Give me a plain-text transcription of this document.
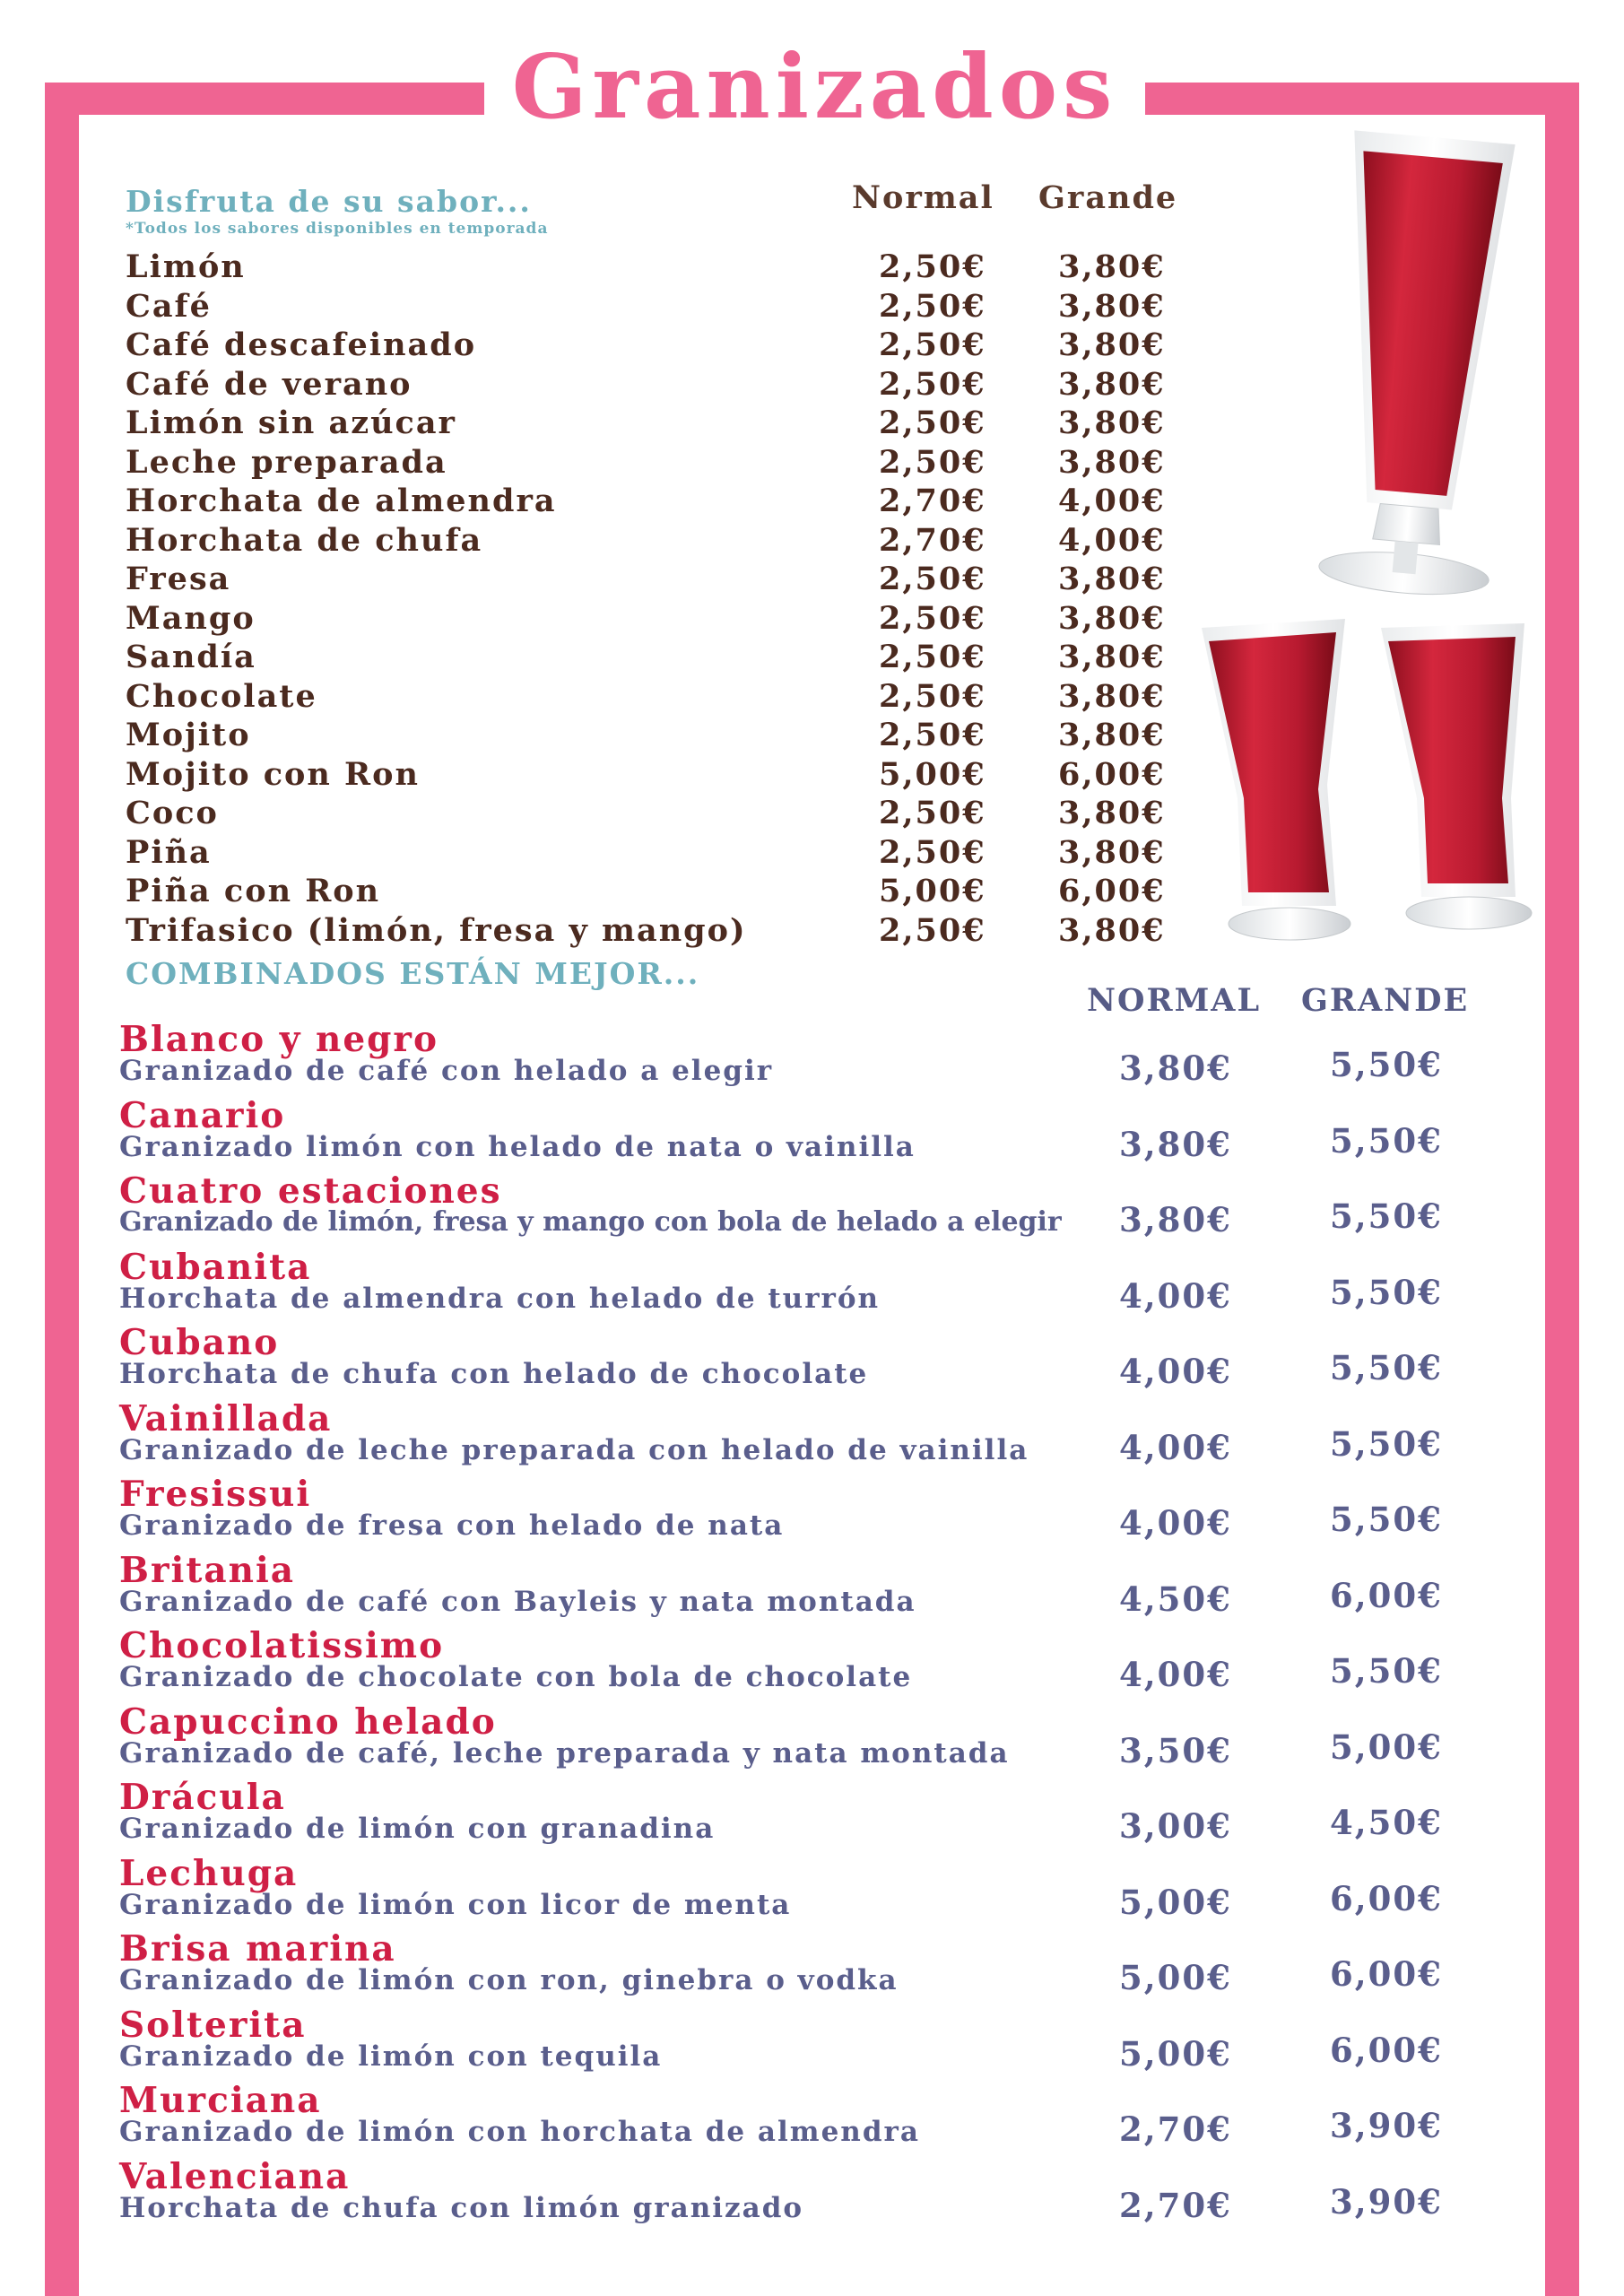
Granizados
Disfruta de su sabor...
*Todos los sabores disponibles en temporada
Normal Grande
Limón	2,50€ 3,80€
Café	2,50€ 3,80€
Café descafeinado	2,50€ 3,80€
Café de verano	2,50€ 3,80€
Limón sin azúcar	2,50€ 3,80€
Leche preparada	2,50€ 3,80€
Horchata de almendra	2,70€ 4,00€
Horchata de chufa	2,70€ 4,00€
Fresa	2,50€ 3,80€
Mango	2,50€ 3,80€
Sandía	2,50€ 3,80€
Chocolate	2,50€ 3,80€
Mojito	2,50€ 3,80€
Mojito con Ron	5,00€ 6,00€
Coco	2,50€ 3,80€
Piña	2,50€ 3,80€
Piña con Ron	5,00€ 6,00€
Trifasico (limón, fresa y mango)	2,50€ 3,80€
COMBINADOS ESTÁN MEJOR...
NORMAL GRANDE
Blanco y negro
Granizado de café con helado a elegir	3,80€	5,50€
Canario
Granizado limón con helado de nata o vainilla	3,80€	5,50€
Cuatro estaciones
Granizado de limón, fresa y mango con bola de helado a elegir 3,80€	5,50€
Cubanita
Horchata de almendra con helado de turrón	4,00€	5,50€
Cubano
Horchata de chufa con helado de chocolate	4,00€	5,50€
Vainillada
Granizado de leche preparada con helado de vainilla	4,00€	5,50€
Fresissui
Granizado de fresa con helado de nata	4,00€	5,50€
Britania
Granizado de café con Bayleis y nata montada	4,50€	6,00€
Chocolatissimo
Granizado de chocolate con bola de chocolate	4,00€	5,50€
Capuccino helado
Granizado de café, leche preparada y nata montada	3,50€	5,00€
Drácula
Granizado de limón con granadina	3,00€	4,50€
Lechuga
Granizado de limón con licor de menta	5,00€	6,00€
Brisa marina
Granizado de limón con ron, ginebra o vodka	5,00€	6,00€
Solterita
Granizado de limón con tequila	5,00€	6,00€
Murciana
Granizado de limón con horchata de almendra	2,70€	3,90€
Valenciana
Horchata de chufa con limón granizado	2,70€	3,90€
